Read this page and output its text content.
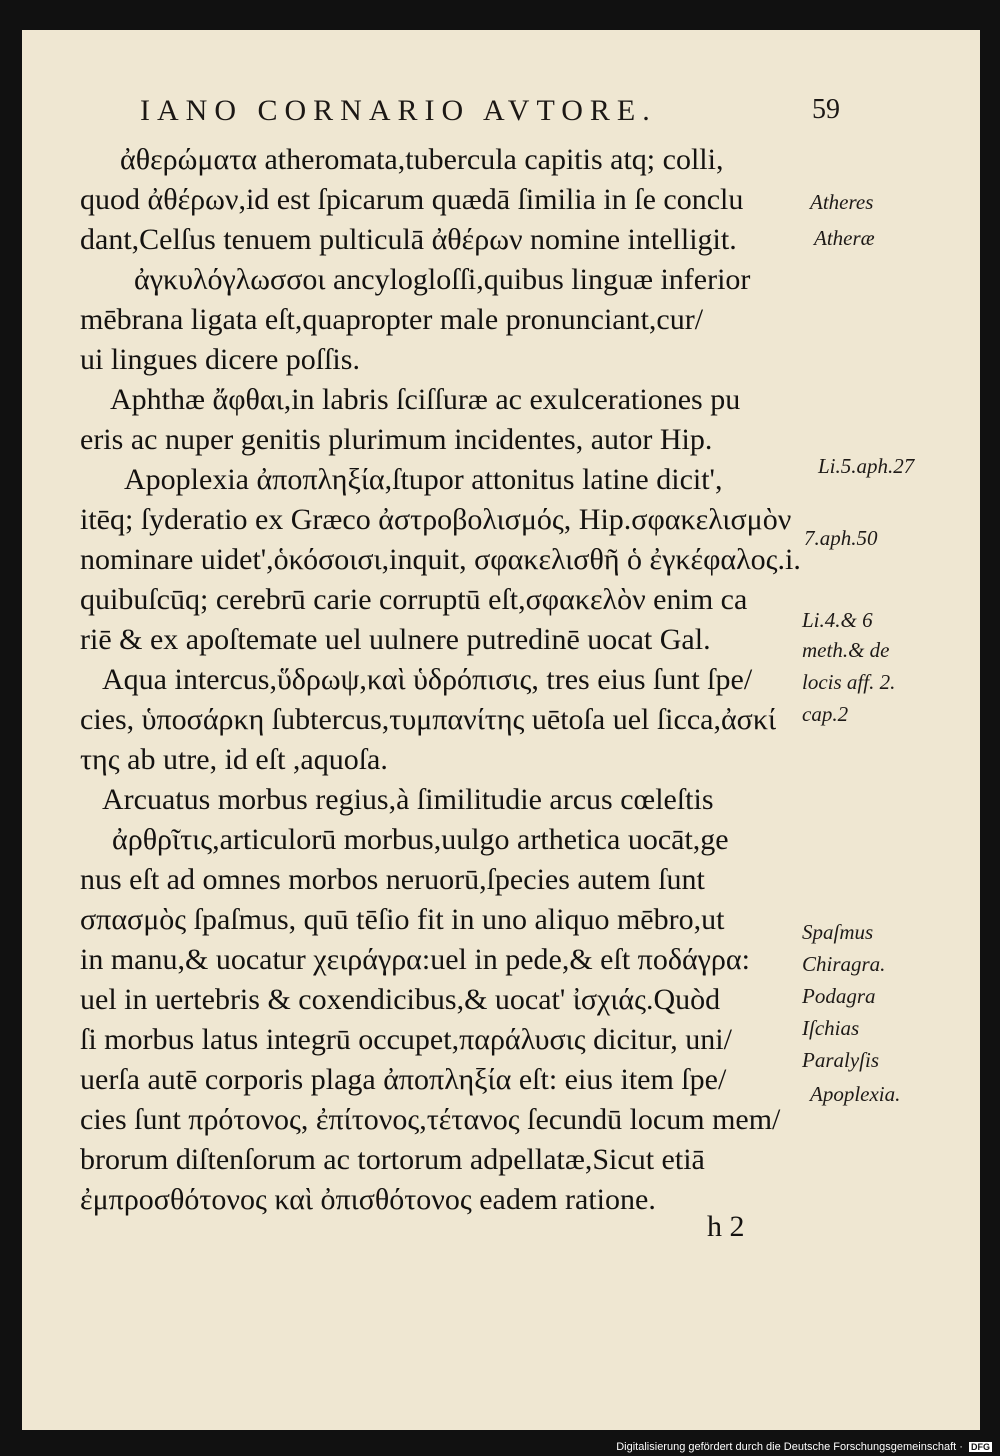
IANO CORNARIO AVTORE.	59
ἀθερώματα atheromata,tubercula capitis atq; colli,
quod ἀθέρων,id est ſpicarum quædā ſimilia in ſe conclu
dant,Celſus tenuem pulticulā ἀθέρων nomine intelligit.
ἀγκυλόγλωσσοι ancylogloſſi,quibus linguæ inferior
mēbrana ligata eſt,quapropter male pronunciant,cur/
ui lingues dicere poſſis.
Aphthæ ἄφθαι,in labris ſciſſuræ ac exulcerationes pu
eris ac nuper genitis plurimum incidentes, autor Hip.
Apoplexia ἀποπληξία,ſtupor attonitus latine dicit',
itēq; ſyderatio ex Græco ἀστροβολισμός, Hip.σφακελισμὸν
nominare uidet',ὁκόσοισι,inquit, σφακελισθῆ ὁ ἐγκέφαλος.i.
quibuſcūq; cerebrū carie corruptū eſt,σφακελὸν enim ca
riē & ex apoſtemate uel uulnere putredinē uocat Gal.
Aqua intercus,ὕδρωψ,καὶ ὑδρόπισις, tres eius ſunt ſpe/
cies, ὑποσάρκη ſubtercus,τυμπανίτης uētoſa uel ſicca,ἀσκί
της ab utre, id eſt ,aquoſa.
Arcuatus morbus regius,à ſimilitudie arcus cœleſtis
ἀρθρῖτις,articulorū morbus,uulgo arthetica uocāt,ge
nus eſt ad omnes morbos neruorū,ſpecies autem ſunt
σπασμὸς ſpaſmus, quū tēſio fit in uno aliquo mēbro,ut
in manu,& uocatur χειράγρα:uel in pede,& eſt ποδάγρα:
uel in uertebris & coxendicibus,& uocat' ἰσχιάς.Quòd
ſi morbus latus integrū occupet,παράλυσις dicitur, uni/
uerſa autē corporis plaga ἀποπληξία eſt: eius item ſpe/
cies ſunt πρότονος, ἐπίτονος,τέτανος ſecundū locum mem/
brorum diſtenſorum ac tortorum adpellatæ,Sicut etiā
ἐμπροσθότονος καὶ ὀπισθότονος eadem ratione.
Atheres
Atheræ
Li.5.aph.27
7.aph.50
Li.4.& 6
meth.& de
locis aff. 2.
cap.2
Spaſmus
Chiragra.
Podagra
Iſchias
Paralyſis
Apoplexia.
h 2
Digitalisierung gefördert durch die Deutsche Forschungsgemeinschaft · DFG
